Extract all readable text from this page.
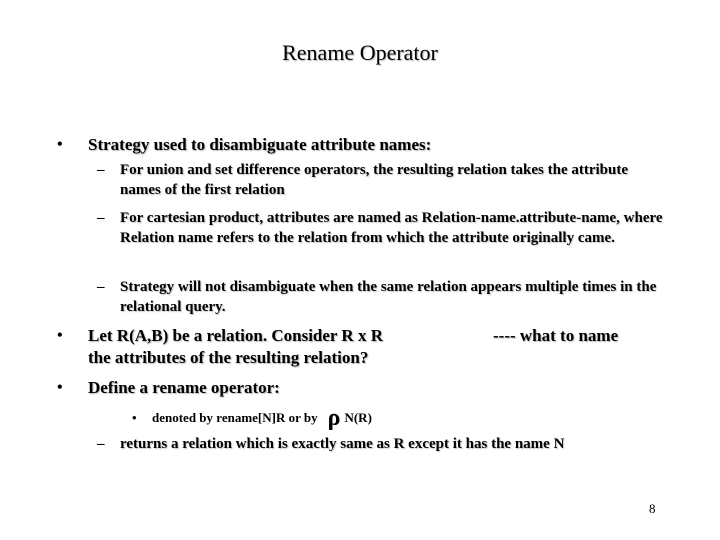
Rename Operator
• Strategy used to disambiguate attribute names:
– For union and set difference operators, the resulting relation takes the attribute names of the first relation
– For cartesian product, attributes are named as Relation-name.attribute-name, where Relation name refers to the relation from which the attribute originally came.
– Strategy will not disambiguate when the same relation appears multiple times in the relational query.
• Let R(A,B) be a relation. Consider R x R	---- what to name
the attributes of the resulting relation?
• Define a rename operator:
• denoted by rename[N]R or by ρ N(R)
– returns a relation which is exactly same as R except it has the name N
8
